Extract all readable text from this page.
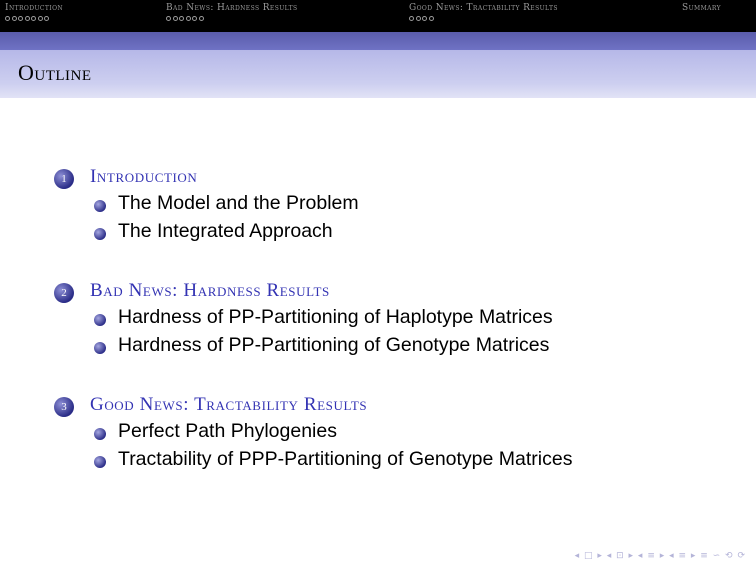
Introduction	Bad News: Hardness Results	Good News: Tractability Results	Summary
Outline
1	Introduction
The Model and the Problem
The Integrated Approach
2	Bad News: Hardness Results
Hardness of PP-Partitioning of Haplotype Matrices
Hardness of PP-Partitioning of Genotype Matrices
3	Good News: Tractability Results
Perfect Path Phylogenies
Tractability of PPP-Partitioning of Genotype Matrices
◂ □ ▸ ◂ ⊡ ▸ ◂ ≡ ▸ ◂ ≡ ▸ ≡ ∽ ⟲ ⟳
